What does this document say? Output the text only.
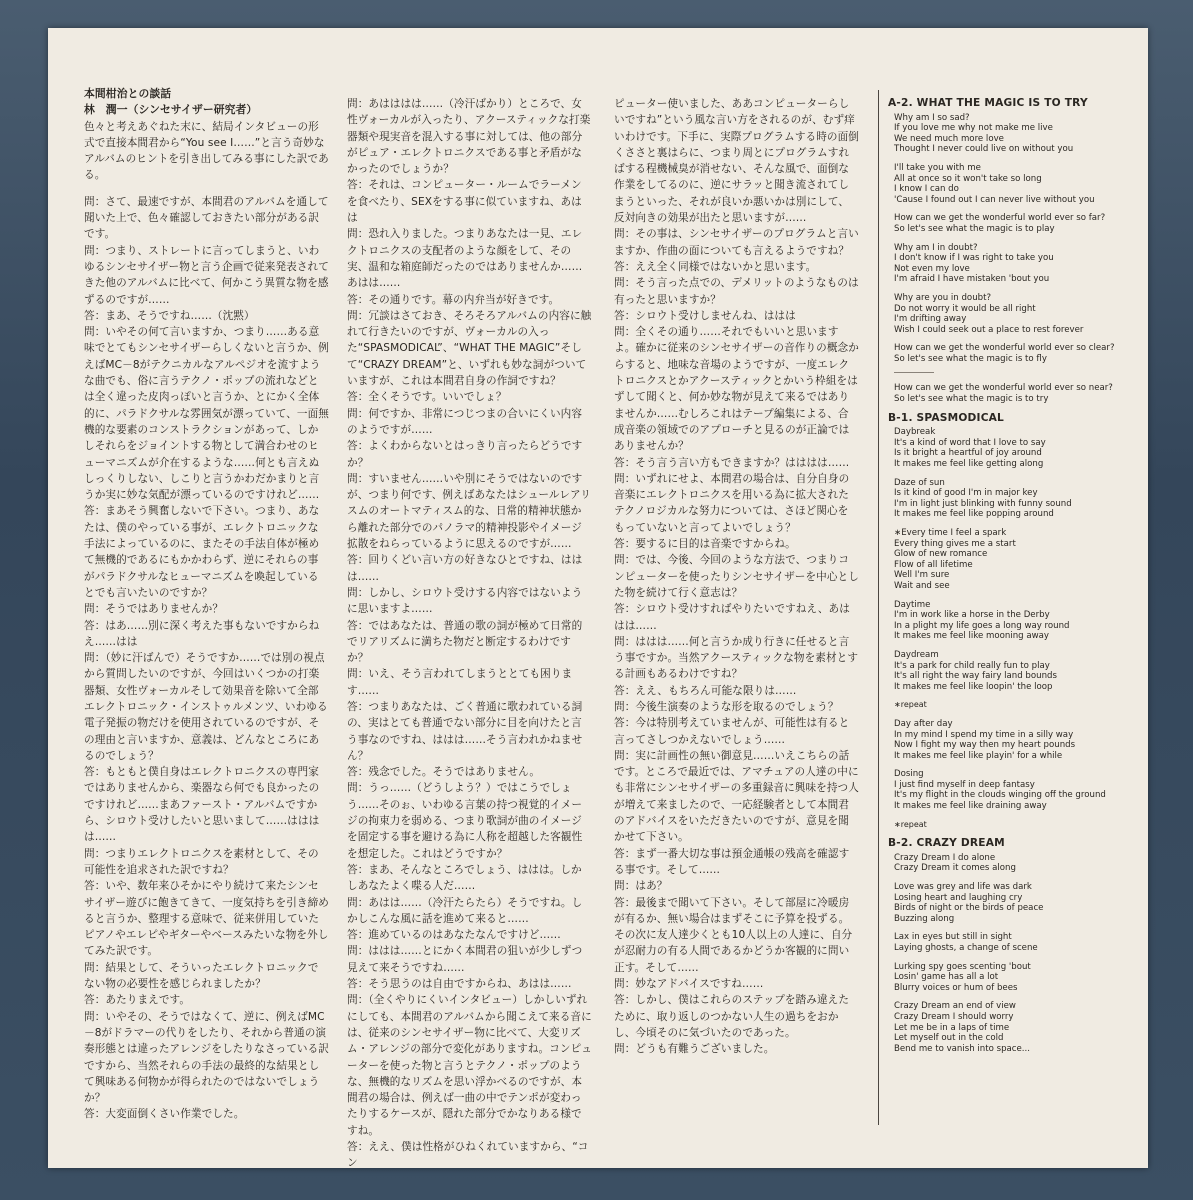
本間柑治との談話

林　潤一（シンセサイザー研究者）

色々と考えあぐねた末に、結局インタビューの形式で直接本間君から“You see I……”と言う奇妙なアルバムのヒントを引き出してみる事にした訳である。

問：さて、最速ですが、本間君のアルバムを通して聞いた上で、色々確認しておきたい部分がある訳です。

問：つまり、ストレートに言ってしまうと、いわゆるシンセサイザー物と言う企画で従来発表されてきた他のアルバムに比べて、何かこう異質な物を感ずるのですが……

答：まあ、そうですね……（沈黙）

問：いやその何て言いますか、つまり……ある意味でとてもシンセサイザーらしくないと言うか、例えばMC－8がテクニカルなアルペジオを流すような曲でも、俗に言うテクノ・ポップの流れなどとは全く違った皮肉っぽいと言うか、とにかく全体的に、パラドクサルな雰囲気が漂っていて、一面無機的な要素のコンストラクションがあって、しかしそれらをジョイントする物として満合わせのヒューマニズムが介在するような……何とも言えぬしっくりしない、しこりと言うかわだかまりと言うか実に妙な気配が漂っているのですけれど……

答：まあそう興奮しないで下さい。つまり、あなたは、僕のやっている事が、エレクトロニックな手法によっているのに、またその手法自体が極めて無機的であるにもかかわらず、逆にそれらの事がパラドクサルなヒューマニズムを喚起しているとでも言いたいのですか？

問：そうではありませんか？

答：はあ……別に深く考えた事もないですからねえ……はは

問：（妙に汗ばんで）そうですか……では別の視点から質問したいのですが、今回はいくつかの打楽器類、女性ヴォーカルそして効果音を除いて全部エレクトロニック・インストゥルメンツ、いわゆる電子発振の物だけを使用されているのですが、その理由と言いますか、意義は、どんなところにあるのでしょう？

答：もともと僕自身はエレクトロニクスの専門家ではありませんから、楽器なら何でも良かったのですけれど……まあファースト・アルバムですから、シロウト受けしたいと思いまして……はははは……

問：つまりエレクトロニクスを素材として、その可能性を追求された訳ですね？

答：いや、数年来ひそかにやり続けて来たシンセサイザー遊びに飽きてきて、一度気持ちを引き締めると言うか、整理する意味で、従来併用していたピアノやエレピやギターやベースみたいな物を外してみた訳です。

問：結果として、そういったエレクトロニックでない物の必要性を感じられましたか？

答：あたりまえです。

問：いやその、そうではなくて、逆に、例えばMC－8がドラマーの代りをしたり、それから普通の演奏形態とは違ったアレンジをしたりなさっている訳ですから、当然それらの手法の最終的な結果として興味ある何物かが得られたのではないでしょうか？

答：大変面倒くさい作業でした。

問：あはははは……（冷汗ばかり）ところで、女性ヴォーカルが入ったり、アクースティックな打楽器類や現実音を混入する事に対しては、他の部分がピュア・エレクトロニクスである事と矛盾がなかったのでしょうか？

答：それは、コンピューター・ルームでラーメンを食べたり、SEXをする事に似ていますね、あはは

問：恐れ入りました。つまりあなたは一見、エレクトロニクスの支配者のような顔をして、その実、温和な箱庭師だったのではありませんか……あはは……

答：その通りです。幕の内弁当が好きです。

問：冗談はさておき、そろそろアルバムの内容に触れて行きたいのですが、ヴォーカルの入った“SPASMODICAL”、“WHAT THE MAGIC”そして“CRAZY DREAM”と、いずれも妙な詞がついていますが、これは本間君自身の作詞ですね？

答：全くそうです。いいでしょ？

問：何ですか、非常につじつまの合いにくい内容のようですが……

答：よくわからないとはっきり言ったらどうですか？

問：すいません……いや別にそうではないのですが、つまり何です、例えばあなたはシュールレアリスムのオートマティスム的な、日常的精神状態から離れた部分でのパノラマ的精神投影やイメージ拡散をねらっているように思えるのですが……

答：回りくどい言い方の好きなひとですね、ははは……

問：しかし、シロウト受けする内容ではないように思いますよ……

答：ではあなたは、普通の歌の詞が極めて日常的でリアリズムに満ちた物だと断定するわけですか？

問：いえ、そう言われてしまうととても困ります……

答：つまりあなたは、ごく普通に歌われている詞の、実はとても普通でない部分に目を向けたと言う事なのですね、ははは……そう言われかねません？

答：残念でした。そうではありません。

問：うっ……（どうしよう？）ではこうでしょう……そのぉ、いわゆる言葉の持つ視覚的イメージの拘束力を弱める、つまり歌詞が曲のイメージを固定する事を避ける為に人称を超越した客観性を想定した。これはどうですか？

答：まあ、そんなところでしょう、ははは。しかしあなたよく喋る人だ……

問：あはは……（冷汗たらたら）そうですね。しかしこんな風に話を進めて来ると……

答：進めているのはあなたなんですけど……

問：ははは……とにかく本間君の狙いが少しずつ見えて来そうですね……

答：そう思うのは自由ですからね、あはは……

問：（全くやりにくいインタビュー）しかしいずれにしても、本間君のアルバムから聞こえて来る音には、従来のシンセサイザー物に比べて、大変リズム・アレンジの部分で変化がありますね。コンピューターを使った物と言うとテクノ・ポップのような、無機的なリズムを思い浮かべるのですが、本間君の場合は、例えば一曲の中でテンポが変わったりするケースが、隠れた部分でかなりある様ですね。

答：ええ、僕は性格がひねくれていますから、“コン

ピューター使いました、ああコンピューターらしいですね”という風な言い方をされるのが、むず痒いわけです。下手に、実際プログラムする時の面倒くささと裏はらに、つまり周とにプログラムすればする程機械臭が消せない、そんな風で、面倒な作業をしてるのに、逆にサラッと聞き流されてしまうといった、それが良いか悪いかは別にして、反対向きの効果が出たと思いますが……

問：その事は、シンセサイザーのプログラムと言いますか、作曲の面についても言えるようですね？

答：ええ全く同様ではないかと思います。

問：そう言った点での、デメリットのようなものは有ったと思いますか？

答：シロウト受けしませんね、ははは

問：全くその通り……それでもいいと思いますよ。確かに従来のシンセサイザーの音作りの概念からすると、地味な音場のようですが、一度エレクトロニクスとかアクースティックとかいう枠組をはずして聞くと、何か妙な物が見えて来るではありませんか……むしろこれはテープ編集による、合成音楽の領域でのアプローチと見るのが正論ではありませんか？

答：そう言う言い方もできますか？はははは……

問：いずれにせよ、本間君の場合は、自分自身の音楽にエレクトロニクスを用いる為に拡大されたテクノロジカルな努力については、さほど関心をもっていないと言ってよいでしょう？

答：要するに目的は音楽ですからね。

問：では、今後、今回のような方法で、つまりコンピューターを使ったりシンセサイザーを中心とした物を続けて行く意志は？

答：シロウト受けすればやりたいですねえ、あははは……

問：ははは……何と言うか成り行きに任せると言う事ですか。当然アクースティックな物を素材とする計画もあるわけですね？

答：ええ、もちろん可能な限りは……

問：今後生演奏のような形を取るのでしょう？

答：今は特別考えていませんが、可能性は有ると言ってさしつかえないでしょう……

問：実に計画性の無い御意見……いえこちらの話です。ところで最近では、アマチュアの人達の中にも非常にシンセサイザーの多重録音に興味を持つ人が増えて来ましたので、一応経験者として本間君のアドバイスをいただきたいのですが、意見を聞かせて下さい。

答：まず一番大切な事は預金通帳の残高を確認する事です。そして……

問：はあ？

答：最後まで聞いて下さい。そして部屋に冷暖房が有るか、無い場合はまずそこに予算を投ずる。その次に友人達少くとも10人以上の人達に、自分が忍耐力の有る人間であるかどうか客観的に問い正す。そして……

問：妙なアドバイスですね……

答：しかし、僕はこれらのステップを踏み違えたために、取り返しのつかない人生の過ちをおかし、今頃そのに気づいたのであった。

問：どうも有難うございました。

A-2. WHAT THE MAGIC IS TO TRY

Why am I so sad?

If you love me why not make me live

We need much more love

Thought I never could live on without you

I'll take you with me

All at once so it won't take so long

I know I can do

'Cause I found out I can never live without you

How can we get the wonderful world ever so far?

So let's see what the magic is to play

Why am I in doubt?

I don't know if I was right to take you

Not even my love

I'm afraid I have mistaken 'bout you

Why are you in doubt?

Do not worry it would be all right

I'm drifting away

Wish I could seek out a place to rest forever

How can we get the wonderful world ever so clear?

So let's see what the magic is to fly

How can we get the wonderful world ever so near?

So let's see what the magic is to try

B-1. SPASMODICAL

Daybreak

It's a kind of word that I love to say

Is it bright a heartful of joy around

It makes me feel like getting along

Daze of sun

Is it kind of good I'm in major key

I'm in light just blinking with funny sound

It makes me feel like popping around

∗Every time I feel a spark

Every thing gives me a start

Glow of new romance

Flow of all lifetime

Well I'm sure

Wait and see

Daytime

I'm in work like a horse in the Derby

In a plight my life goes a long way round

It makes me feel like mooning away

Daydream

It's a park for child really fun to play

It's all right the way fairy land bounds

It makes me feel like loopin' the loop

∗repeat

Day after day

In my mind I spend my time in a silly way

Now I fight my way then my heart pounds

It makes me feel like playin' for a while

Dosing

I just find myself in deep fantasy

It's my flight in the clouds winging off the ground

It makes me feel like draining away

∗repeat

B-2. CRAZY DREAM

Crazy Dream I do alone

Crazy Dream it comes along

Love was grey and life was dark

Losing heart and laughing cry

Birds of night or the birds of peace

Buzzing along

Lax in eyes but still in sight

Laying ghosts, a change of scene

Lurking spy goes scenting 'bout

Losin' game has all a lot

Blurry voices or hum of bees

Crazy Dream an end of view

Crazy Dream I should worry

Let me be in a laps of time

Let myself out in the cold

Bend me to vanish into space...
